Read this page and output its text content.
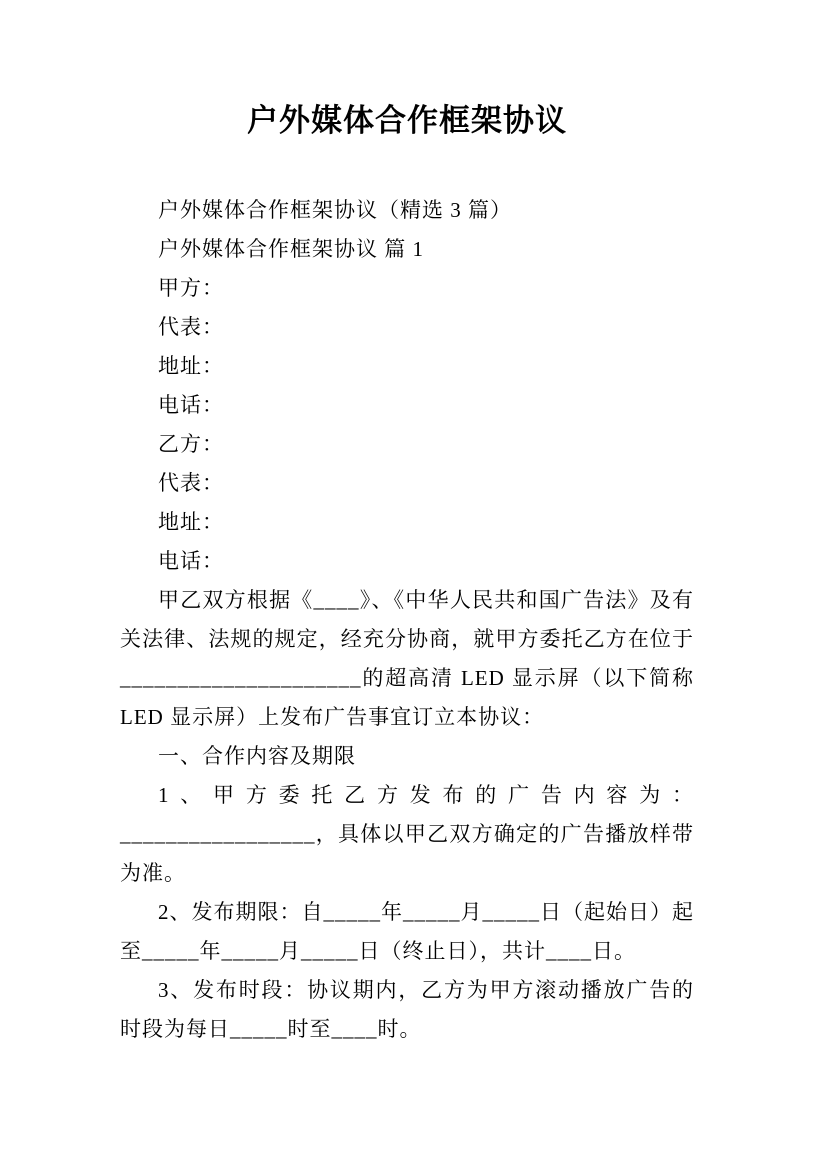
户外媒体合作框架协议

户外媒体合作框架协议（精选 3 篇）

户外媒体合作框架协议 篇 1

甲方：

代表：

地址：

电话：

乙方：

代表：

地址：

电话：

甲乙双方根据《____》、《中华人民共和国广告法》及有关法律、法规的规定，经充分协商，就甲方委托乙方在位于_____________________的超高清 LED 显示屏（以下简称 LED 显示屏）上发布广告事宜订立本协议：

一、合作内容及期限

1、甲方委托乙方发布的广告内容为：_________________，具体以甲乙双方确定的广告播放样带为准。

2、发布期限：自_____年_____月_____日（起始日）起至_____年_____月_____日（终止日），共计____日。

3、发布时段：协议期内，乙方为甲方滚动播放广告的时段为每日_____时至____时。
